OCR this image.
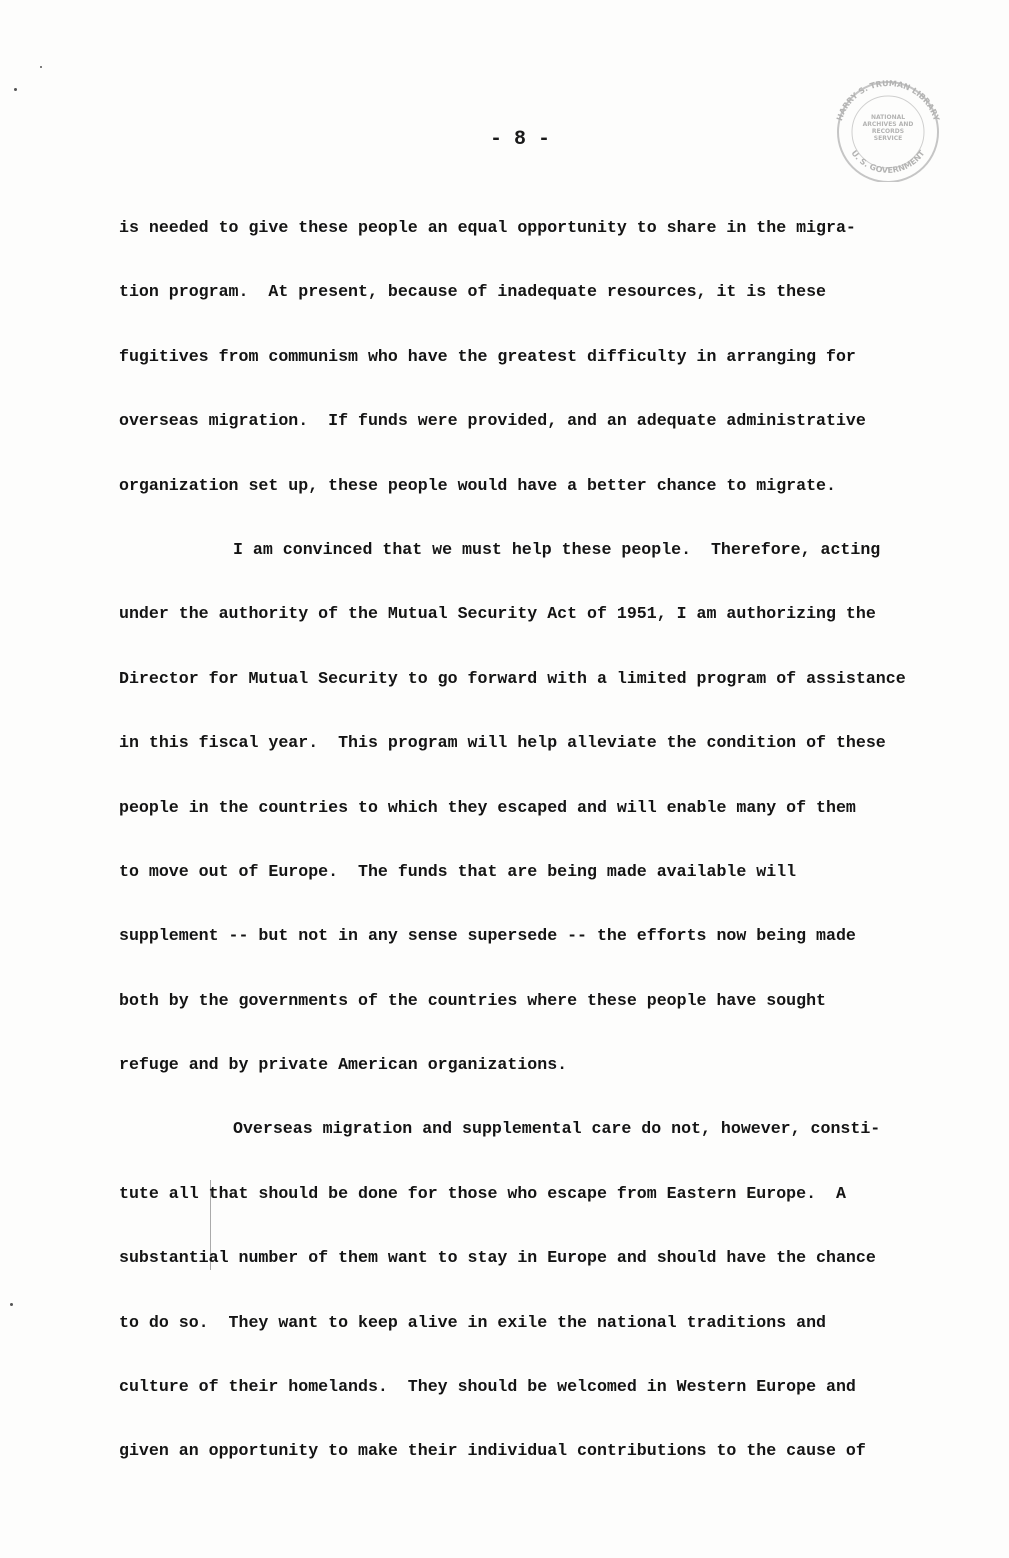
HARRY S. TRUMAN LIBRARY
U. S. GOVERNMENT
NATIONAL ARCHIVES AND RECORDS SERVICE
- 8 -
is needed to give these people an equal opportunity to share in the migra-
tion program.  At present, because of inadequate resources, it is these
fugitives from communism who have the greatest difficulty in arranging for
overseas migration.  If funds were provided, and an adequate administrative
organization set up, these people would have a better chance to migrate.
I am convinced that we must help these people.  Therefore, acting
under the authority of the Mutual Security Act of 1951, I am authorizing the
Director for Mutual Security to go forward with a limited program of assistance
in this fiscal year.  This program will help alleviate the condition of these
people in the countries to which they escaped and will enable many of them
to move out of Europe.  The funds that are being made available will
supplement -- but not in any sense supersede -- the efforts now being made
both by the governments of the countries where these people have sought
refuge and by private American organizations.
Overseas migration and supplemental care do not, however, consti-
tute all that should be done for those who escape from Eastern Europe.  A
substantial number of them want to stay in Europe and should have the chance
to do so.  They want to keep alive in exile the national traditions and
culture of their homelands.  They should be welcomed in Western Europe and
given an opportunity to make their individual contributions to the cause of
